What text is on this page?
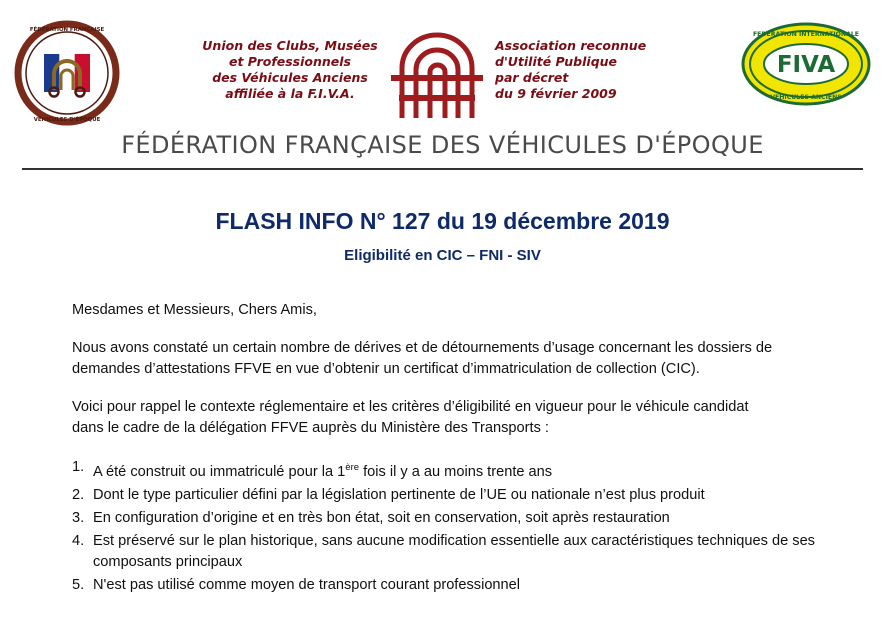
FÉDÉRATION FRANÇAISE
VÉHICULES D'ÉPOQUE
Union des Clubs, Musées
et Professionnels
des Véhicules Anciens
affiliée à la F.I.V.A.
Association reconnue
d'Utilité Publique
par décret
du 9 février 2009
FIVA
FEDERATION INTERNATIONALE
VEHICULES ANCIENS
FÉDÉRATION FRANÇAISE DES VÉHICULES D'ÉPOQUE
FLASH INFO N° 127 du 19 décembre 2019
Eligibilité en CIC – FNI - SIV
Mesdames et Messieurs, Chers Amis,
Nous avons constaté un certain nombre de dérives et de détournements d’usage concernant les dossiers de demandes d’attestations FFVE en vue d’obtenir un certificat d’immatriculation de collection (CIC).
Voici pour rappel le contexte réglementaire et les critères d’éligibilité en vigueur pour le véhicule candidat
dans le cadre de la délégation FFVE auprès du Ministère des Transports :
1. A été construit ou immatriculé pour la 1ère fois il y a au moins trente ans
2. Dont le type particulier défini par la législation pertinente de l’UE ou nationale n’est plus produit
3. En configuration d’origine et en très bon état, soit en conservation, soit après restauration
4. Est préservé sur le plan historique, sans aucune modification essentielle aux caractéristiques techniques de ses composants principaux
5. N'est pas utilisé comme moyen de transport courant professionnel
